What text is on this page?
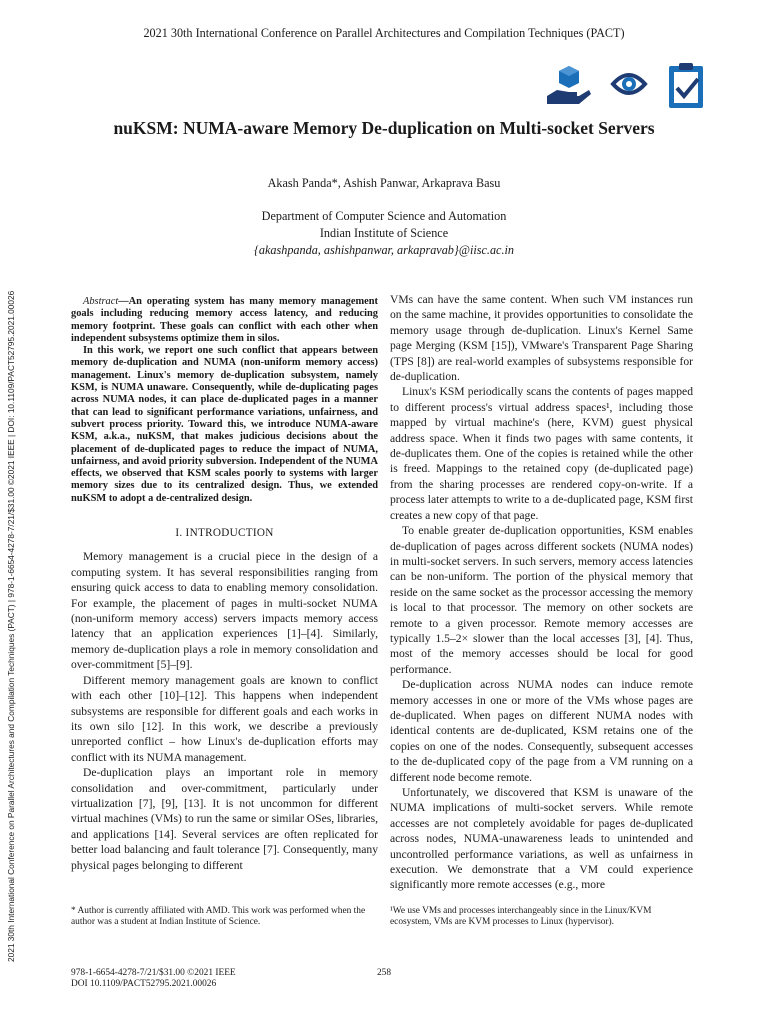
2021 30th International Conference on Parallel Architectures and Compilation Techniques (PACT)
2021 30th International Conference on Parallel Architectures and Compilation Techniques (PACT) | 978-1-6654-4278-7/21/$31.00 ©2021 IEEE | DOI: 10.1109/PACT52795.2021.00026
nuKSM: NUMA-aware Memory De-duplication on Multi-socket Servers
Akash Panda*, Ashish Panwar, Arkaprava Basu
Department of Computer Science and Automation
Indian Institute of Science
{akashpanda, ashishpanwar, arkapravab}@iisc.ac.in

Abstract—An operating system has many memory management goals including reducing memory access latency, and reducing memory footprint. These goals can conflict with each other when independent subsystems optimize them in silos.

In this work, we report one such conflict that appears between memory de-duplication and NUMA (non-uniform memory access) management. Linux's memory de-duplication subsystem, namely KSM, is NUMA unaware. Consequently, while de-duplicating pages across NUMA nodes, it can place de-duplicated pages in a manner that can lead to significant performance variations, unfairness, and subvert process priority. Toward this, we introduce NUMA-aware KSM, a.k.a., nuKSM, that makes judicious decisions about the placement of de-duplicated pages to reduce the impact of NUMA, unfairness, and avoid priority subversion. Independent of the NUMA effects, we observed that KSM scales poorly to systems with larger memory sizes due to its centralized design. Thus, we extended nuKSM to adopt a de-centralized design.

I. INTRODUCTION

Memory management is a crucial piece in the design of a computing system. It has several responsibilities ranging from ensuring quick access to data to enabling memory consolidation. For example, the placement of pages in multi-socket NUMA (non-uniform memory access) servers impacts memory access latency that an application experiences [1]–[4]. Similarly, memory de-duplication plays a role in memory consolidation and over-commitment [5]–[9].

Different memory management goals are known to conflict with each other [10]–[12]. This happens when independent subsystems are responsible for different goals and each works in its own silo [12]. In this work, we describe a previously unreported conflict – how Linux's de-duplication efforts may conflict with its NUMA management.

De-duplication plays an important role in memory consolidation and over-commitment, particularly under virtualization [7], [9], [13]. It is not uncommon for different virtual machines (VMs) to run the same or similar OSes, libraries, and applications [14]. Several services are often replicated for better load balancing and fault tolerance [7]. Consequently, many physical pages belonging to different

VMs can have the same content. When such VM instances run on the same machine, it provides opportunities to consolidate the memory usage through de-duplication. Linux's Kernel Same page Merging (KSM [15]), VMware's Transparent Page Sharing (TPS [8]) are real-world examples of subsystems responsible for de-duplication.

Linux's KSM periodically scans the contents of pages mapped to different process's virtual address spaces¹, including those mapped by virtual machine's (here, KVM) guest physical address space. When it finds two pages with same contents, it de-duplicates them. One of the copies is retained while the other is freed. Mappings to the retained copy (de-duplicated page) from the sharing processes are rendered copy-on-write. If a process later attempts to write to a de-duplicated page, KSM first creates a new copy of that page.

To enable greater de-duplication opportunities, KSM enables de-duplication of pages across different sockets (NUMA nodes) in multi-socket servers. In such servers, memory access latencies can be non-uniform. The portion of the physical memory that reside on the same socket as the processor accessing the memory is local to that processor. The memory on other sockets are remote to a given processor. Remote memory accesses are typically 1.5–2× slower than the local accesses [3], [4]. Thus, most of the memory accesses should be local for good performance.

De-duplication across NUMA nodes can induce remote memory accesses in one or more of the VMs whose pages are de-duplicated. When pages on different NUMA nodes with identical contents are de-duplicated, KSM retains one of the copies on one of the nodes. Consequently, subsequent accesses to the de-duplicated copy of the page from a VM running on a different node become remote.

Unfortunately, we discovered that KSM is unaware of the NUMA implications of multi-socket servers. While remote accesses are not completely avoidable for pages de-duplicated across nodes, NUMA-unawareness leads to unintended and uncontrolled performance variations, as well as unfairness in execution. We demonstrate that a VM could experience significantly more remote accesses (e.g., more

* Author is currently affiliated with AMD. This work was performed when the author was a student at Indian Institute of Science.
¹We use VMs and processes interchangeably since in the Linux/KVM ecosystem, VMs are KVM processes to Linux (hypervisor).
978-1-6654-4278-7/21/$31.00 ©2021 IEEE
DOI 10.1109/PACT52795.2021.00026
258
